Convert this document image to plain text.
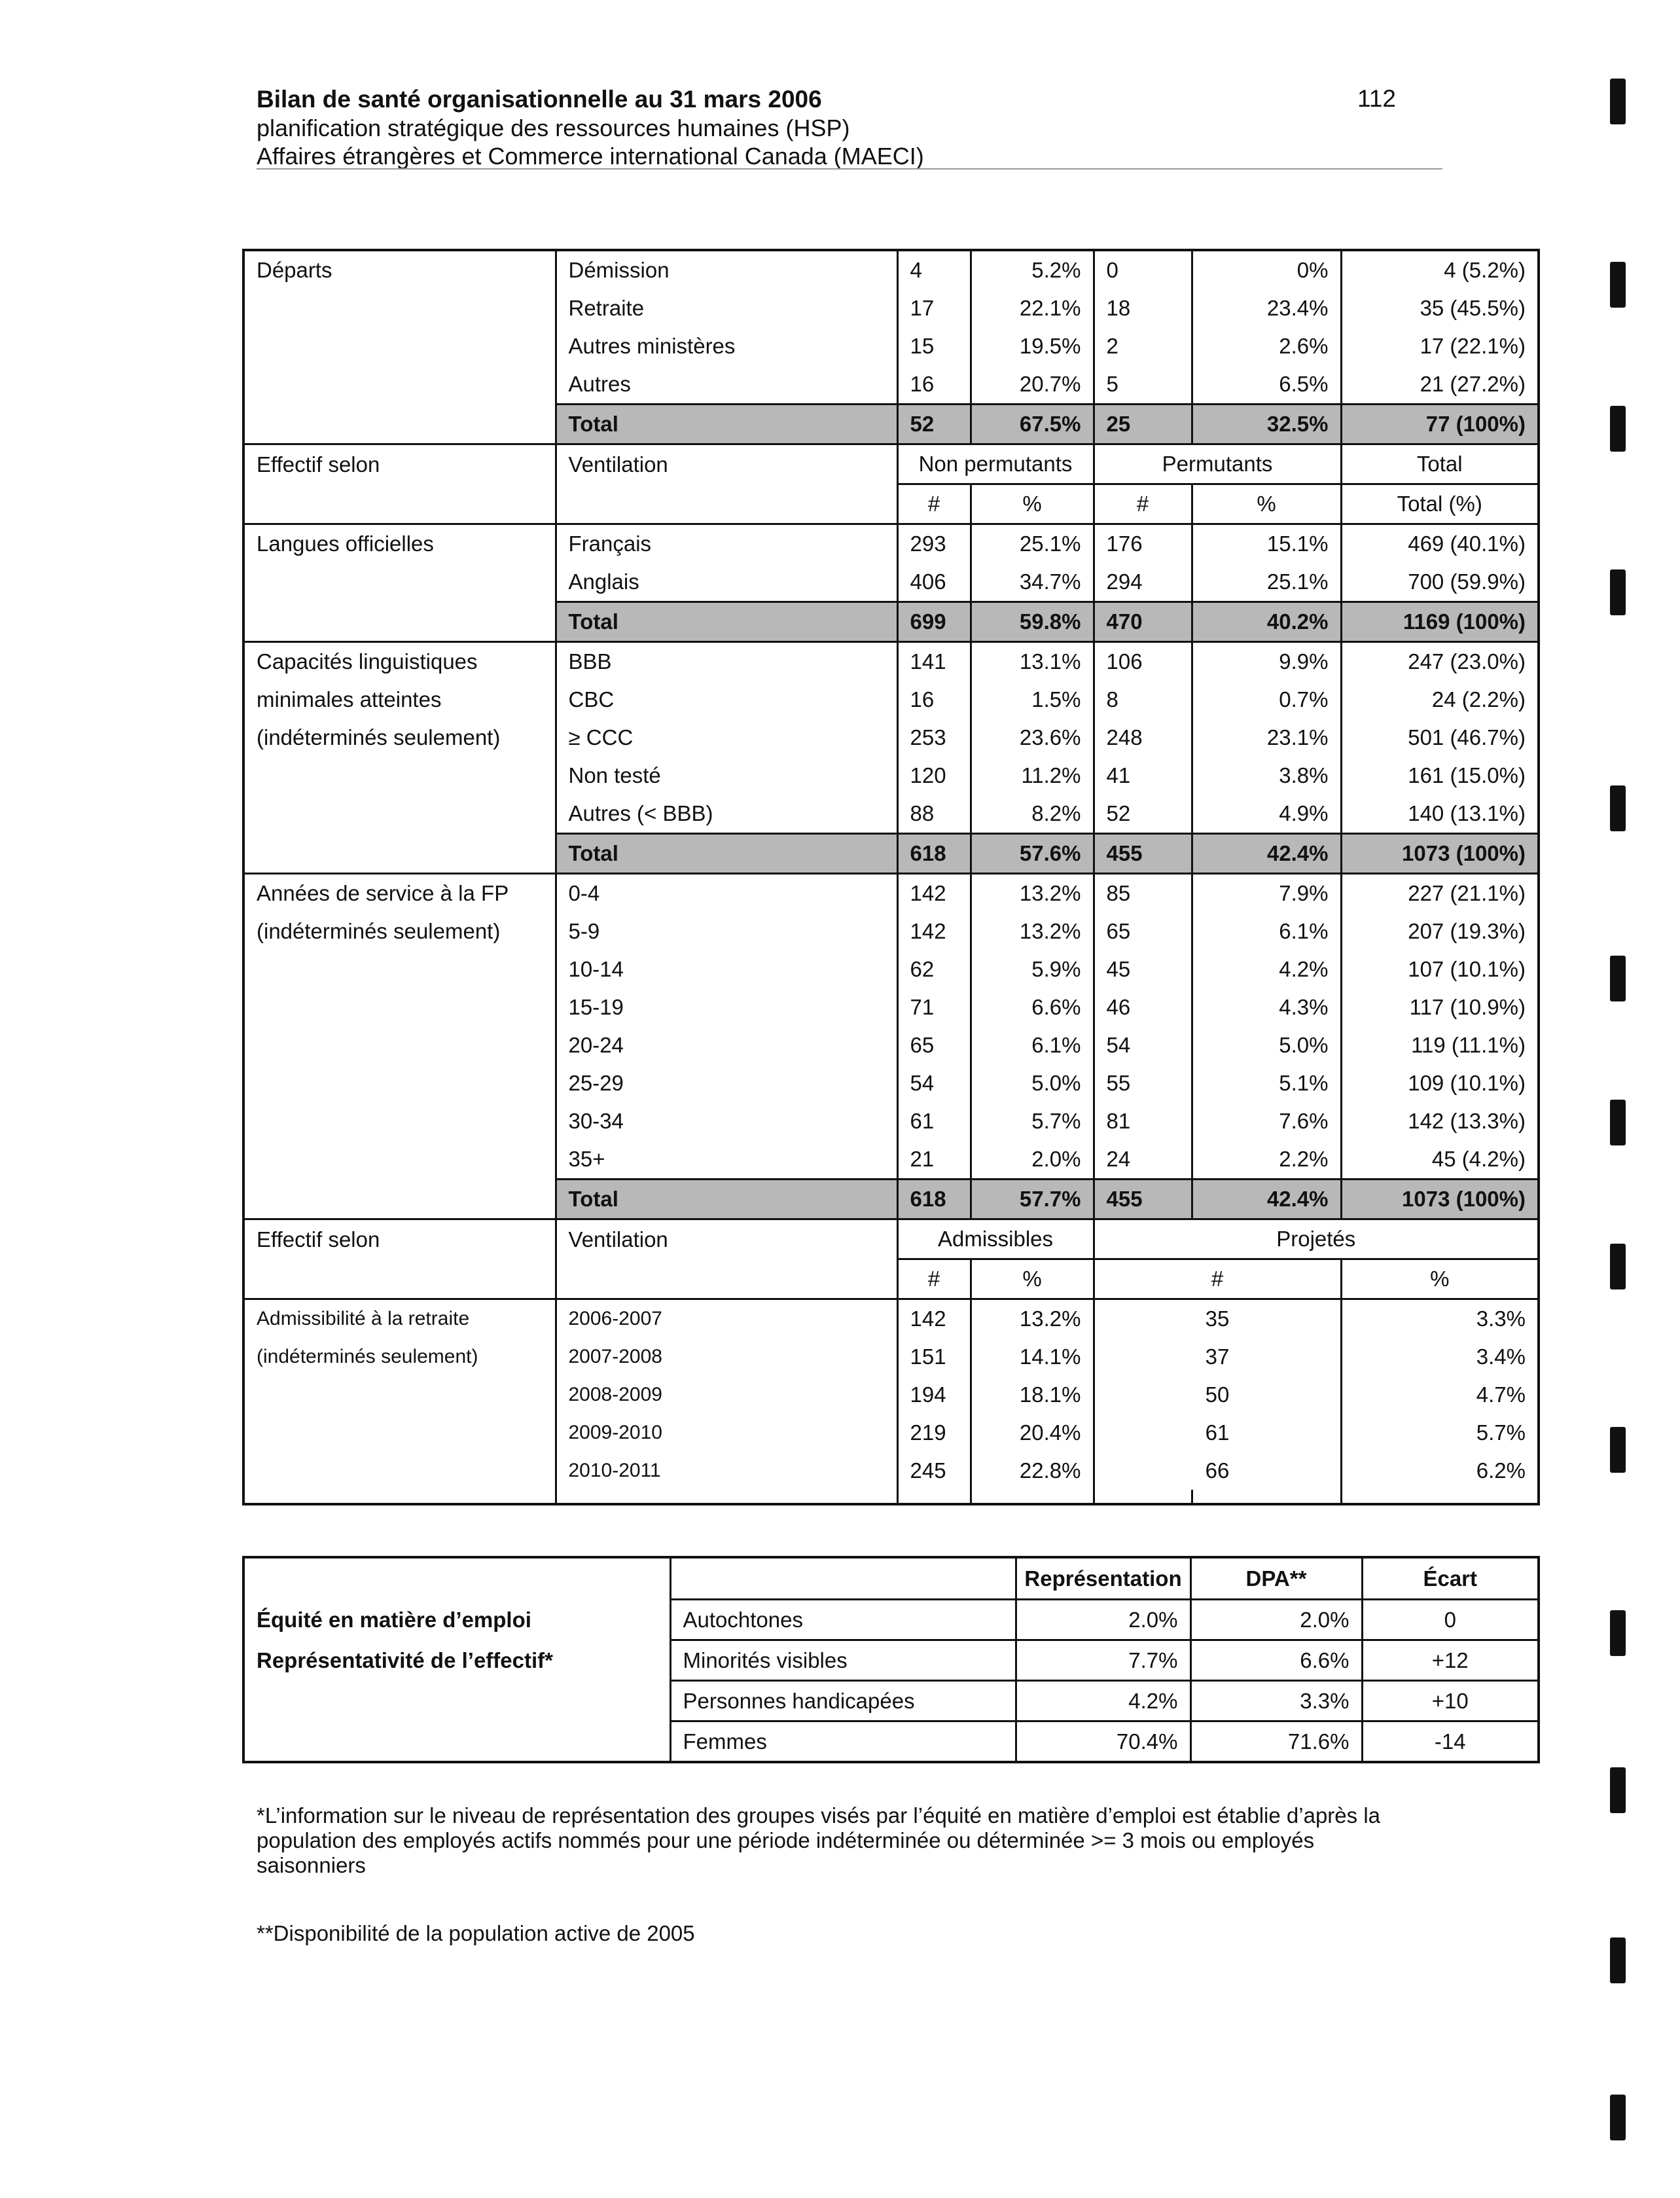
Bilan de santé organisationnelle au 31 mars 2006
planification stratégique des ressources humaines (HSP)
Affaires étrangères et Commerce international Canada (MAECI)
112
Départs	Démission	4	5.2%	0	0%	4 (5.2%)
	Retraite	17	22.1%	18	23.4%	35 (45.5%)
	Autres ministères	15	19.5%	2	2.6%	17 (22.1%)
	Autres	16	20.7%	5	6.5%	21 (27.2%)
	Total	52	67.5%	25	32.5%	77 (100%)
Effectif selon	Ventilation	Non permutants		Permutants		Total
		#	%	#	%	Total (%)
Langues officielles	Français	293	25.1%	176	15.1%	469 (40.1%)
	Anglais	406	34.7%	294	25.1%	700 (59.9%)
	Total	699	59.8%	470	40.2%	1169 (100%)
Capacités linguistiques	BBB	141	13.1%	106	9.9%	247 (23.0%)
minimales atteintes	CBC	16	1.5%	8	0.7%	24 (2.2%)
(indéterminés seulement)	≥ CCC	253	23.6%	248	23.1%	501 (46.7%)
	Non testé	120	11.2%	41	3.8%	161 (15.0%)
	Autres (< BBB)	88	8.2%	52	4.9%	140 (13.1%)
	Total	618	57.6%	455	42.4%	1073 (100%)
Années de service à la FP	0-4	142	13.2%	85	7.9%	227 (21.1%)
(indéterminés seulement)	5-9	142	13.2%	65	6.1%	207 (19.3%)
	10-14	62	5.9%	45	4.2%	107 (10.1%)
	15-19	71	6.6%	46	4.3%	117 (10.9%)
	20-24	65	6.1%	54	5.0%	119 (11.1%)
	25-29	54	5.0%	55	5.1%	109 (10.1%)
	30-34	61	5.7%	81	7.6%	142 (13.3%)
	35+	21	2.0%	24	2.2%	45 (4.2%)
	Total	618	57.7%	455	42.4%	1073 (100%)
Effectif selon	Ventilation	Admissibles		Projetés		
		#	%	#		%
Admissibilité à la retraite	2006-2007	142	13.2%	35		3.3%
(indéterminés seulement)	2007-2008	151	14.1%	37		3.4%
	2008-2009	194	18.1%	50		4.7%
	2009-2010	219	20.4%	61		5.7%
	2010-2011	245	22.8%	66		6.2%

		Représentation	DPA**	Écart
Équité en matière d’emploi	Autochtones	2.0%	2.0%	0
Représentativité de l’effectif*	Minorités visibles	7.7%	6.6%	+12
	Personnes handicapées	4.2%	3.3%	+10
	Femmes	70.4%	71.6%	-14
*L’information sur le niveau de représentation des groupes visés par l’équité en matière d’emploi est établie d’après la population des employés actifs nommés pour une période indéterminée ou déterminée >= 3 mois ou employés saisonniers
**Disponibilité de la population active de 2005
